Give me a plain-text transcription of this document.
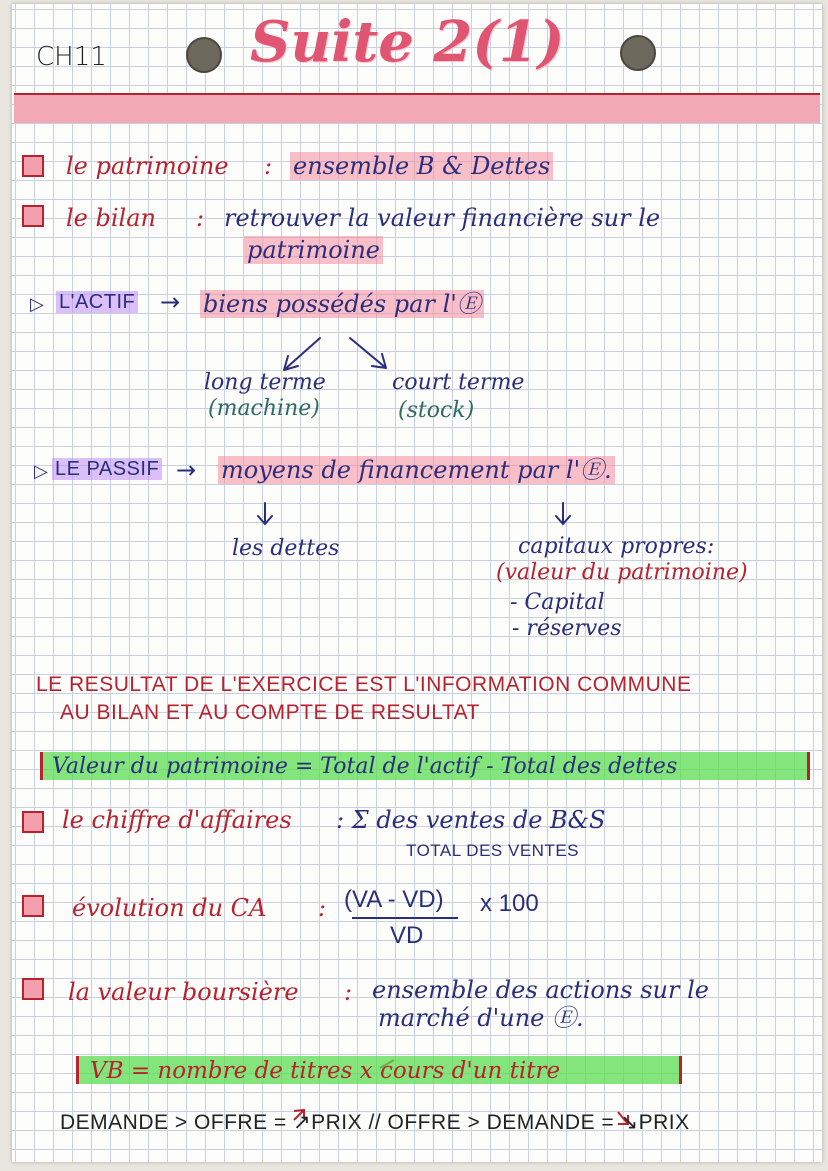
CH11	Suite 2(1)
le patrimoine : ensemble B & Dettes
le bilan : retrouver la valeur financière sur le
patrimoine
▷ L'ACTIF → biens possédés par l'Ⓔ
long terme
(machine)
court terme
(stock)
▷ LE PASSIF → moyens de financement par l'Ⓔ.
les dettes	capitaux propres:
(valeur du patrimoine)
- Capital
- réserves
LE RESULTAT DE L'EXERCICE EST L'INFORMATION COMMUNE
AU BILAN ET AU COMPTE DE RESULTAT
Valeur du patrimoine = Total de l'actif - Total des dettes
le chiffre d'affaires : Σ des ventes de B&S
TOTAL DES VENTES
évolution du CA : (VA - VD) x 100
VD
la valeur boursière : ensemble des actions sur le
marché d'une Ⓔ.
VB = nombre de titres x cours d'un titre
DEMANDE > OFFRE = ↗PRIX // OFFRE > DEMANDE = ↘PRIX
